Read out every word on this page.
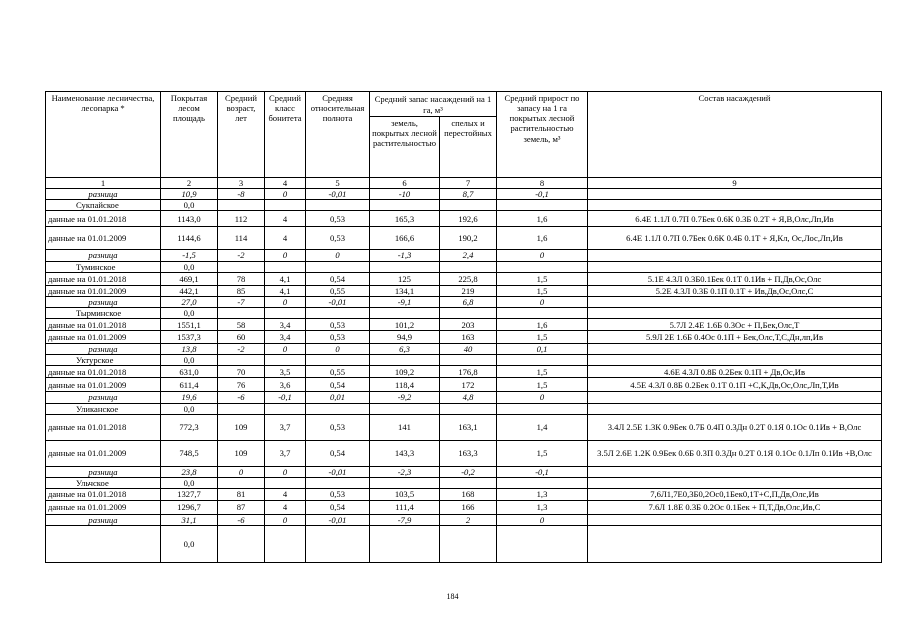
Наименование лесничества, лесопарка *	Покрытая лесом площадь	Средний возраст, лет	Средний класс бонитета	Средняя относительная полнота	Средний запас насаждений на 1 га, м³		Средний прирост по запасу на 1 га покрытых лесной растительностью земель, м³	Состав насаждений
					земель, покрытых лесной растительностью	спелых и перестойных		
1	2	3	4	5	6	7	8	9
разница	10,9	-8	0	-0,01	-10	8,7	-0,1	
Сукпайское	0,0							
данные на 01.01.2018	1143,0	112	4	0,53	165,3	192,6	1,6	6.4Е 1.1Л 0.7П 0.7Бек 0.6К 0.3Б 0.2Т + Я,В,Олс,Лп,Ив
данные на 01.01.2009	1144,6	114	4	0,53	166,6	190,2	1,6	6.4Е 1.1Л 0.7П 0.7Бек 0.6К 0.4Б 0.1Т + Я,Кл, Ос,Лос,Лп,Ив
разница	-1,5	-2	0	0	-1,3	2,4	0	
Туминское	0,0							
данные на 01.01.2018	469,1	78	4,1	0,54	125	225,8	1,5	5.1Е 4.3Л 0.3Б0.1Бек 0.1Т 0.1Ив + П,Дв,Ос,Олс
данные на 01.01.2009	442,1	85	4,1	0,55	134,1	219	1,5	5.2Е 4.3Л 0.3Б 0.1П 0.1Т + Ив,Дв,Ос,Олс,С
разница	27,0	-7	0	-0,01	-9,1	6,8	0	
Тырминское	0,0							
данные на 01.01.2018	1551,1	58	3,4	0,53	101,2	203	1,6	5.7Л 2.4Е 1.6Б 0.3Ос + П,Бек,Олс,Т
данные на 01.01.2009	1537,3	60	3,4	0,53	94,9	163	1,5	5.9Л 2Е 1.6Б 0.4Ос 0.1П + Бек,Олс,Т,С,Дн,лп,Ив
разница	13,8	-2	0	0	6,3	40	0,1	
Уктурское	0,0							
данные на 01.01.2018	631,0	70	3,5	0,55	109,2	176,8	1,5	4.6Е 4.3Л 0.8Б 0.2Бек 0.1П + Дв,Ос,Ив
данные на 01.01.2009	611,4	76	3,6	0,54	118,4	172	1,5	4.5Е 4.3Л 0.8Б 0.2Бек 0.1Т 0.1П +С,К,Дв,Ос,Олс,Лп,Т,Ив
разница	19,6	-6	-0,1	0,01	-9,2	4,8	0	
Уликанское	0,0							
данные на 01.01.2018	772,3	109	3,7	0,53	141	163,1	1,4	3.4Л 2.5Е 1.3К 0.9Бек 0.7Б 0.4П 0.3Дн 0.2Т 0.1Я 0.1Ос 0.1Ив + В,Олс
данные на 01.01.2009	748,5	109	3,7	0,54	143,3	163,3	1,5	3.5Л 2.6Е 1.2К 0.9Бек 0.6Б 0.3П 0.3Дн 0.2Т 0.1Я 0.1Ос 0.1Лп 0.1Ив +В,Олс
разница	23,8	0	0	-0,01	-2,3	-0,2	-0,1	
Ульчское	0,0							
данные на 01.01.2018	1327,7	81	4	0,53	103,5	168	1,3	7,6Л1,7Е0,3Б0,2Ос0,1Бек0,1Т+С,П,Дв,Олс,Ив
данные на 01.01.2009	1296,7	87	4	0,54	111,4	166	1,3	7.6Л 1.8Е 0.3Б 0.2Ос 0.1Бек + П,Т,Дв,Олс,Ив,С
разница	31,1	-6	0	-0,01	-7,9	2	0	
	0,0							
184
